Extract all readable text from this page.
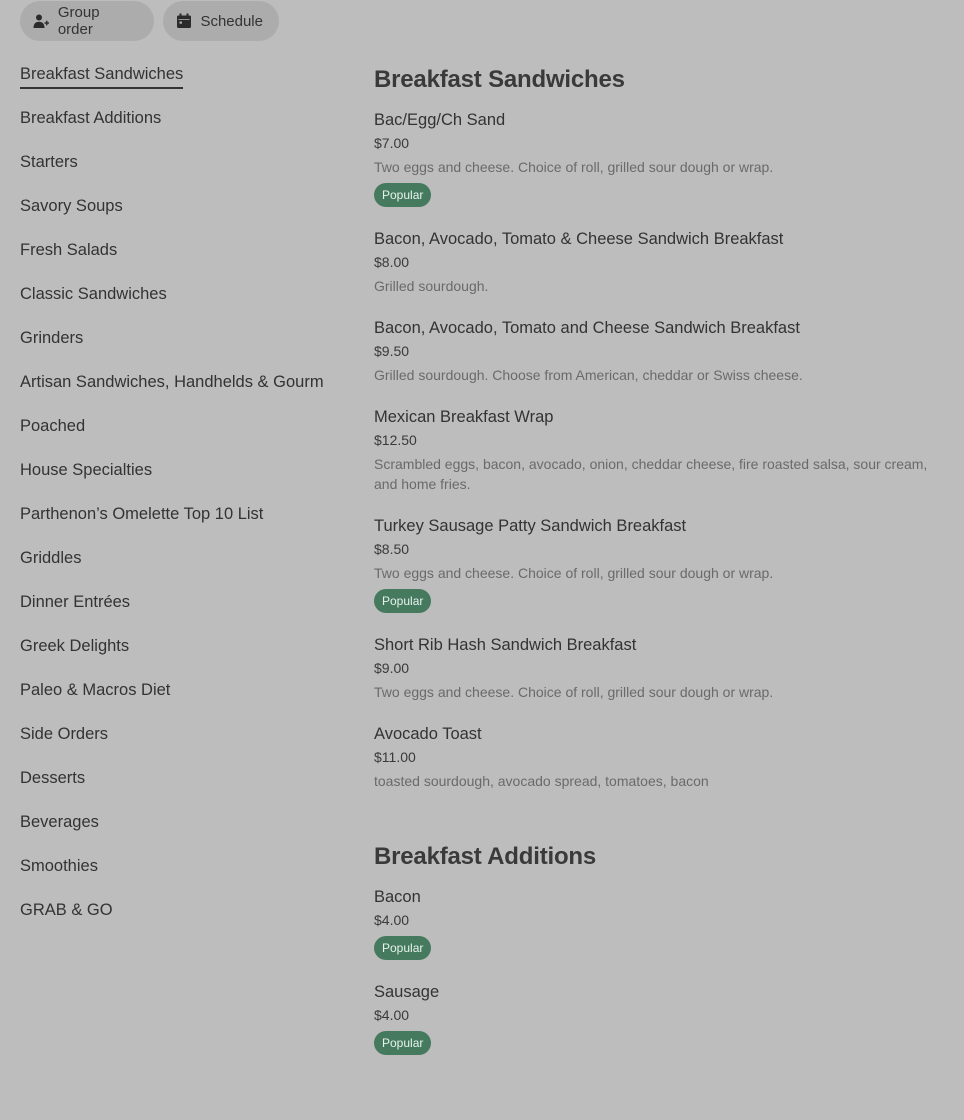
Group order	Schedule
Breakfast Sandwiches
Breakfast Additions
Starters
Savory Soups
Fresh Salads
Classic Sandwiches
Grinders
Artisan Sandwiches, Handhelds & Gourm
Poached
House Specialties
Parthenon’s Omelette Top 10 List
Griddles
Dinner Entrées
Greek Delights
Paleo & Macros Diet
Side Orders
Desserts
Beverages
Smoothies
GRAB & GO
Breakfast Sandwiches
Bac/Egg/Ch Sand
$7.00
Two eggs and cheese. Choice of roll, grilled sour dough or wrap.
Popular
Bacon, Avocado, Tomato & Cheese Sandwich Breakfast
$8.00
Grilled sourdough.
Bacon, Avocado, Tomato and Cheese Sandwich Breakfast
$9.50
Grilled sourdough. Choose from American, cheddar or Swiss cheese.
Mexican Breakfast Wrap
$12.50
Scrambled eggs, bacon, avocado, onion, cheddar cheese, fire roasted salsa, sour cream, and home fries.
Turkey Sausage Patty Sandwich Breakfast
$8.50
Two eggs and cheese. Choice of roll, grilled sour dough or wrap.
Popular
Short Rib Hash Sandwich Breakfast
$9.00
Two eggs and cheese. Choice of roll, grilled sour dough or wrap.
Avocado Toast
$11.00
toasted sourdough, avocado spread, tomatoes, bacon
Breakfast Additions
Bacon
$4.00
Popular
Sausage
$4.00
Popular
